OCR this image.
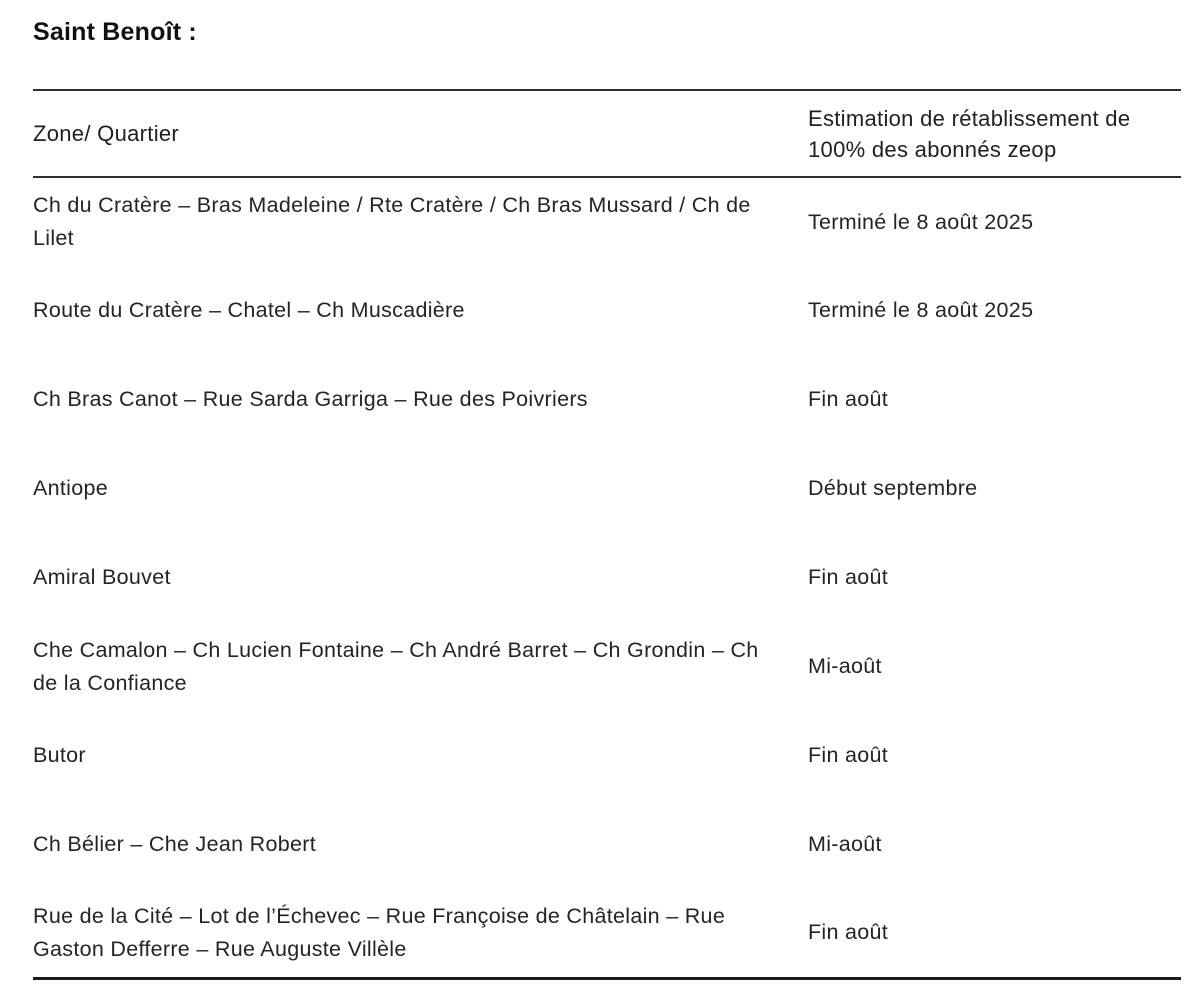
Saint Benoît :
Zone/ Quartier	Estimation de rétablissement de 100% des abonnés zeop
Ch du Cratère – Bras Madeleine / Rte Cratère / Ch Bras Mussard / Ch de Lilet	Terminé le 8 août 2025
Route du Cratère – Chatel – Ch Muscadière	Terminé le 8 août 2025
Ch Bras Canot – Rue Sarda Garriga – Rue des Poivriers	Fin août
Antiope	Début septembre
Amiral Bouvet	Fin août
Che Camalon – Ch Lucien Fontaine – Ch André Barret – Ch Grondin – Ch de la Confiance	Mi-août
Butor	Fin août
Ch Bélier – Che Jean Robert	Mi-août
Rue de la Cité – Lot de l’Échevec – Rue Françoise de Châtelain – Rue Gaston Defferre – Rue Auguste Villèle	Fin août
